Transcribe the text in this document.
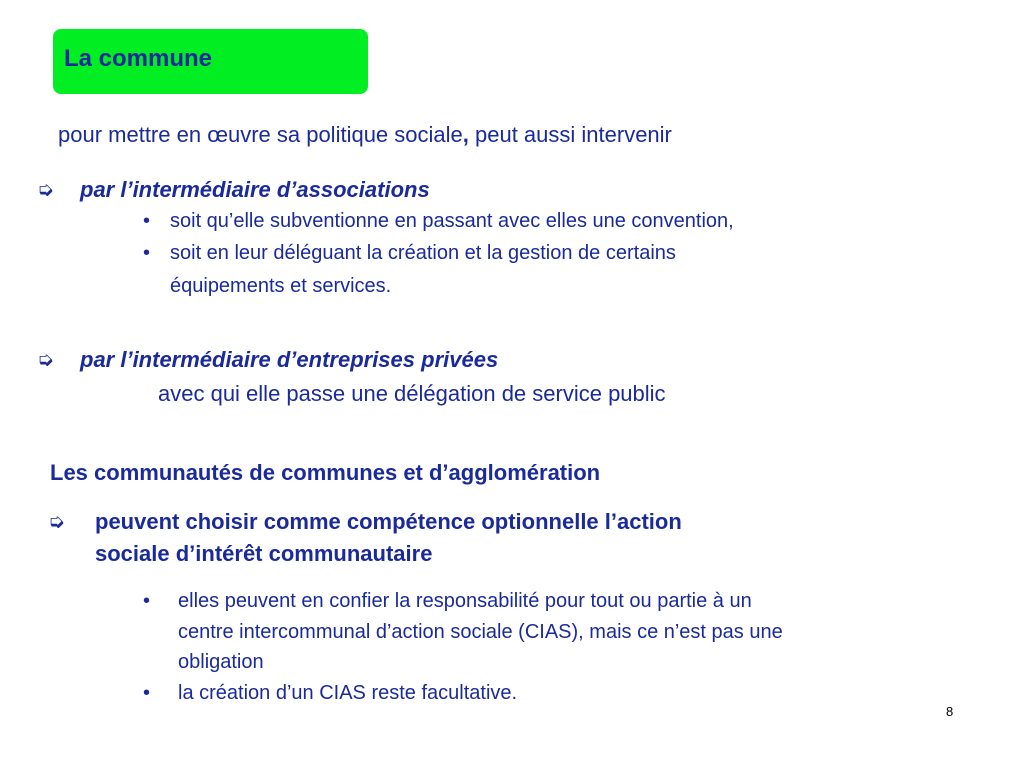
La commune
pour mettre en œuvre sa politique sociale, peut aussi intervenir
➭ par l’intermédiaire d’associations
• soit qu’elle subventionne en passant avec elles une convention,
• soit en leur déléguant la création et la gestion de certains
équipements et services.
➭ par l’intermédiaire d’entreprises privées
avec qui elle passe une délégation de service public
Les communautés de communes et d’agglomération
➭ peuvent choisir comme compétence optionnelle l’action
sociale d’intérêt communautaire
• elles peuvent en confier la responsabilité pour tout ou partie à un
centre intercommunal d’action sociale (CIAS), mais ce n’est pas une
obligation
• la création d’un CIAS reste facultative.
8
